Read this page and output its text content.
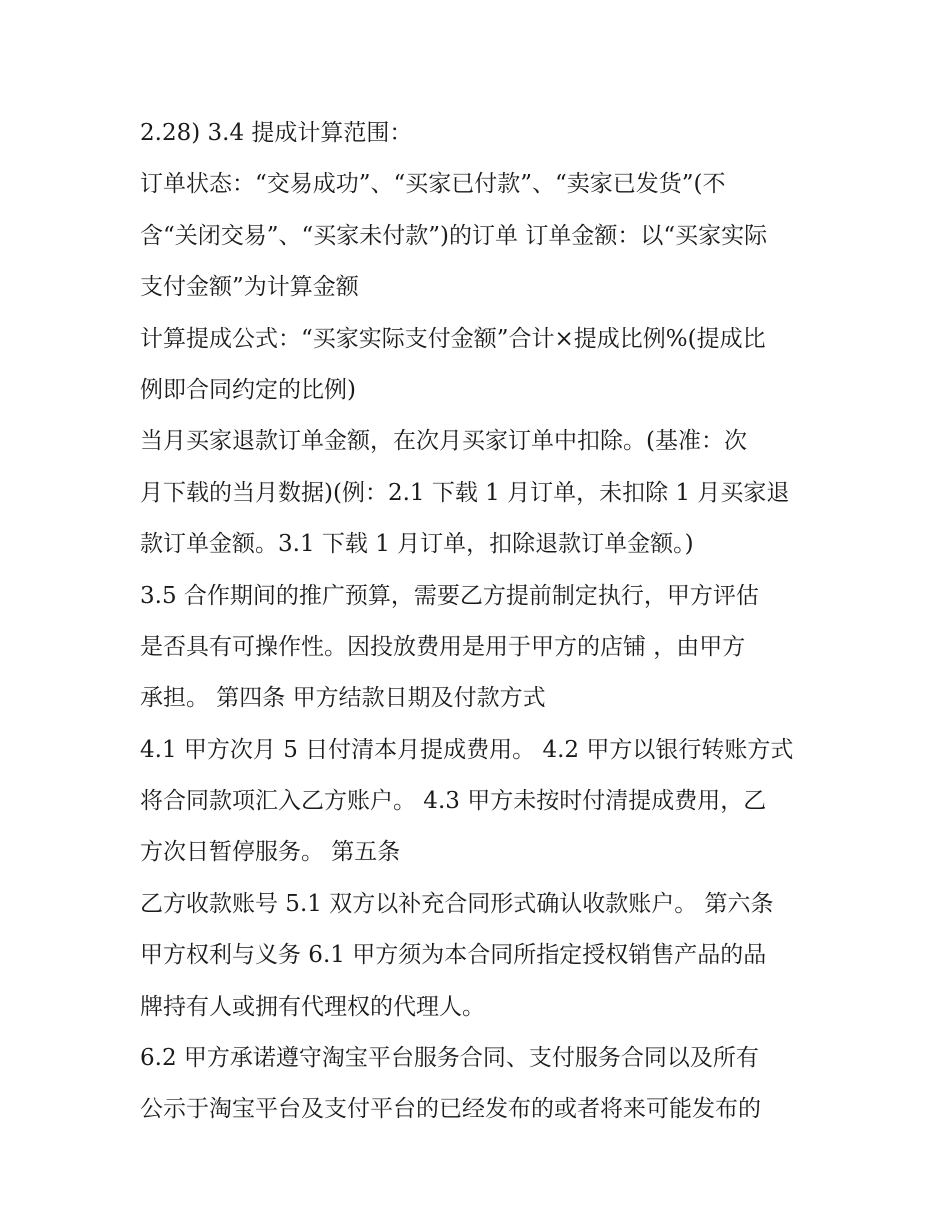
2.28) 3.4 提成计算范围：
订单状态：“交易成功”、“买家已付款”、“卖家已发货”(不
含“关闭交易”、“买家未付款”)的订单 订单金额：以“买家实际
支付金额”为计算金额
计算提成公式：“买家实际支付金额”合计×提成比例%(提成比
例即合同约定的比例)
当月买家退款订单金额，在次月买家订单中扣除。(基准：次
月下载的当月数据)(例：2.1 下载 1 月订单，未扣除 1 月买家退
款订单金额。3.1 下载 1 月订单，扣除退款订单金额。)
3.5 合作期间的推广预算，需要乙方提前制定执行，甲方评估
是否具有可操作性。因投放费用是用于甲方的店铺 ，由甲方
承担。 第四条 甲方结款日期及付款方式
4.1 甲方次月 5 日付清本月提成费用。 4.2 甲方以银行转账方式
将合同款项汇入乙方账户。 4.3 甲方未按时付清提成费用，乙
方次日暂停服务。 第五条
乙方收款账号 5.1 双方以补充合同形式确认收款账户。 第六条
甲方权利与义务 6.1 甲方须为本合同所指定授权销售产品的品
牌持有人或拥有代理权的代理人。
6.2 甲方承诺遵守淘宝平台服务合同、支付服务合同以及所有
公示于淘宝平台及支付平台的已经发布的或者将来可能发布的
